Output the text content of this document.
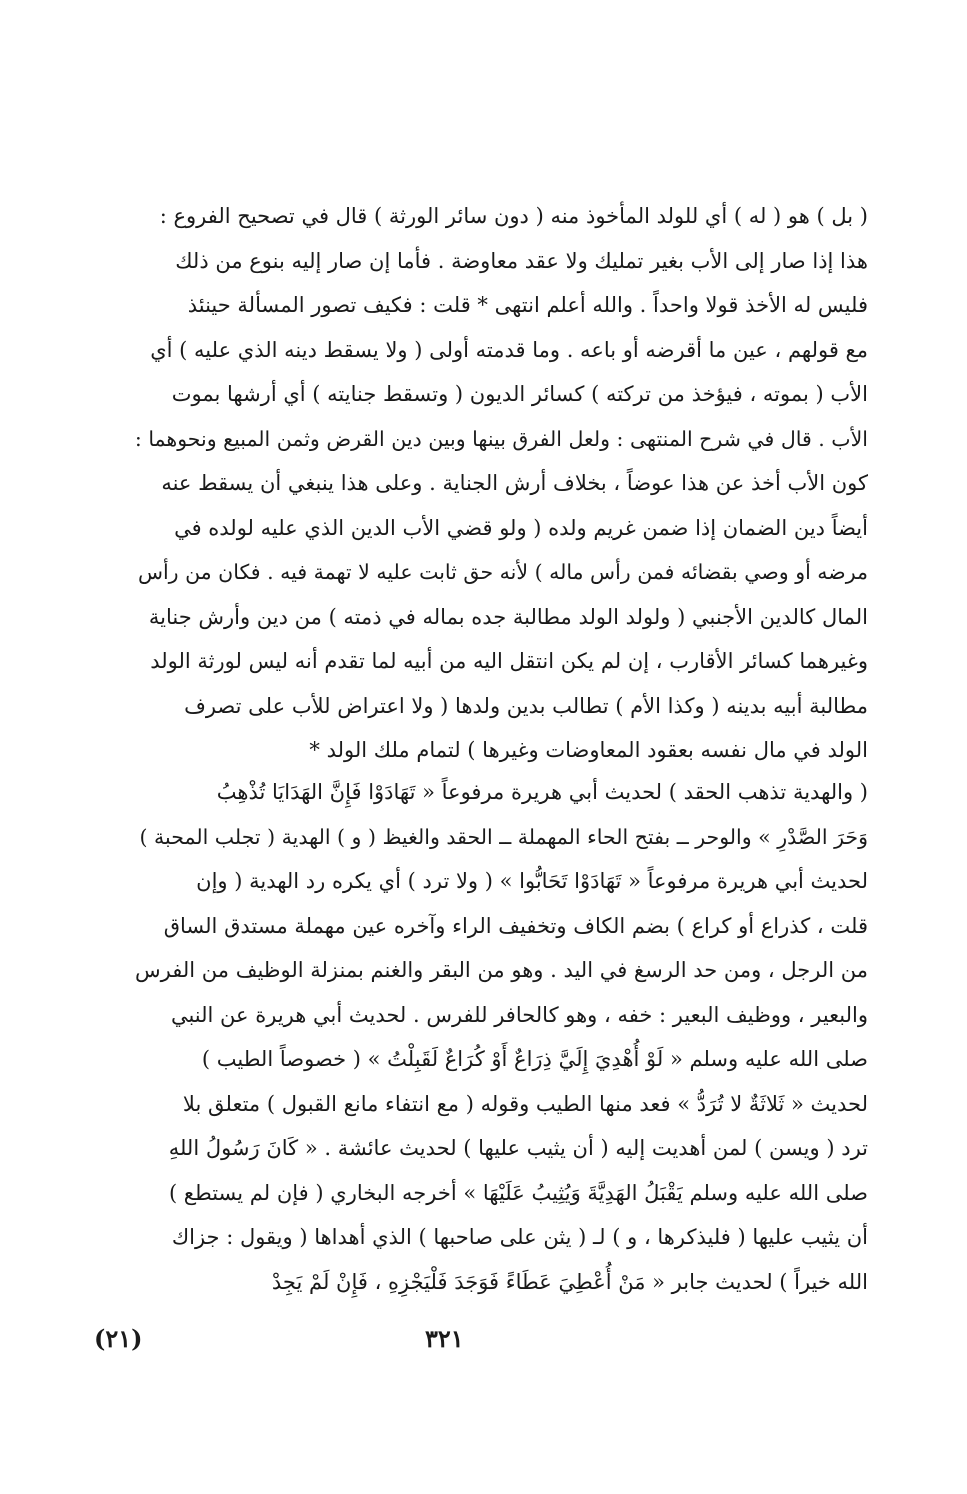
( بل ) هو ( له ) أي للولد المأخوذ منه ( دون سائر الورثة ) قال في تصحيح الفروع :
هذا إذا صار إلى الأب بغير تمليك ولا عقد معاوضة . فأما إن صار إليه بنوع من ذلك
فليس له الأخذ قولا واحداً . والله أعلم انتهى * قلت : فكيف تصور المسألة حينئذ
مع قولهم ، عين ما أقرضه أو باعه . وما قدمته أولى ( ولا يسقط دينه الذي عليه ) أي
الأب ( بموته ، فيؤخذ من تركته ) كسائر الديون ( وتسقط جنايته ) أي أرشها بموت
الأب . قال في شرح المنتهى : ولعل الفرق بينها وبين دين القرض وثمن المبيع ونحوهما :
كون الأب أخذ عن هذا عوضاً ، بخلاف أرش الجناية . وعلى هذا ينبغي أن يسقط عنه
أيضاً دين الضمان إذا ضمن غريم ولده ( ولو قضي الأب الدين الذي عليه لولده في
مرضه أو وصي بقضائه فمن رأس ماله ) لأنه حق ثابت عليه لا تهمة فيه . فكان من رأس
المال كالدين الأجنبي ( ولولد الولد مطالبة جده بماله في ذمته ) من دين وأرش جناية
وغيرهما كسائر الأقارب ، إن لم يكن انتقل اليه من أبيه لما تقدم أنه ليس لورثة الولد
مطالبة أبيه بدينه ( وكذا الأم ) تطالب بدين ولدها ( ولا اعتراض للأب على تصرف
الولد في مال نفسه بعقود المعاوضات وغيرها ) لتمام ملك الولد *
( والهدية تذهب الحقد ) لحديث أبي هريرة مرفوعاً « تَهَادَوْا فَإِنَّ الهَدَايَا تُذْهِبُ
وَحَرَ الصَّدْرِ » والوحر ــ بفتح الحاء المهملة ــ الحقد والغيظ ( و ) الهدية ( تجلب المحبة )
لحديث أبي هريرة مرفوعاً « تَهَادَوْا تَحَابُّوا » ( ولا ترد ) أي يكره رد الهدية ( وإن
قلت ، كذراع أو كراع ) بضم الكاف وتخفيف الراء وآخره عين مهملة مستدق الساق
من الرجل ، ومن حد الرسغ في اليد . وهو من البقر والغنم بمنزلة الوظيف من الفرس
والبعير ، ووظيف البعير : خفه ، وهو كالحافر للفرس . لحديث أبي هريرة عن النبي
صلى الله عليه وسلم « لَوْ أُهْدِيَ إِلَيَّ ذِرَاعٌ أَوْ كُرَاعٌ لَقَبِلْتُ » ( خصوصاً الطيب )
لحديث « ثَلاثَةٌ لا تُرَدُّ » فعد منها الطيب وقوله ( مع انتفاء مانع القبول ) متعلق بلا
ترد ( ويسن ) لمن أهديت إليه ( أن يثيب عليها ) لحديث عائشة . « كَانَ رَسُولُ اللهِ
صلى الله عليه وسلم يَقْبَلُ الهَدِيَّةَ وَيُثِيبُ عَلَيْهَا » أخرجه البخاري ( فإن لم يستطع )
أن يثيب عليها ( فليذكرها ، و ) لـ ( يثن على صاحبها ) الذي أهداها ( ويقول : جزاك
الله خيراً ) لحديث جابر « مَنْ أُعْطِيَ عَطَاءً فَوَجَدَ فَلْيَجْزِهِ ، فَإِنْ لَمْ يَجِدْ
٣٢١
(٢١)
